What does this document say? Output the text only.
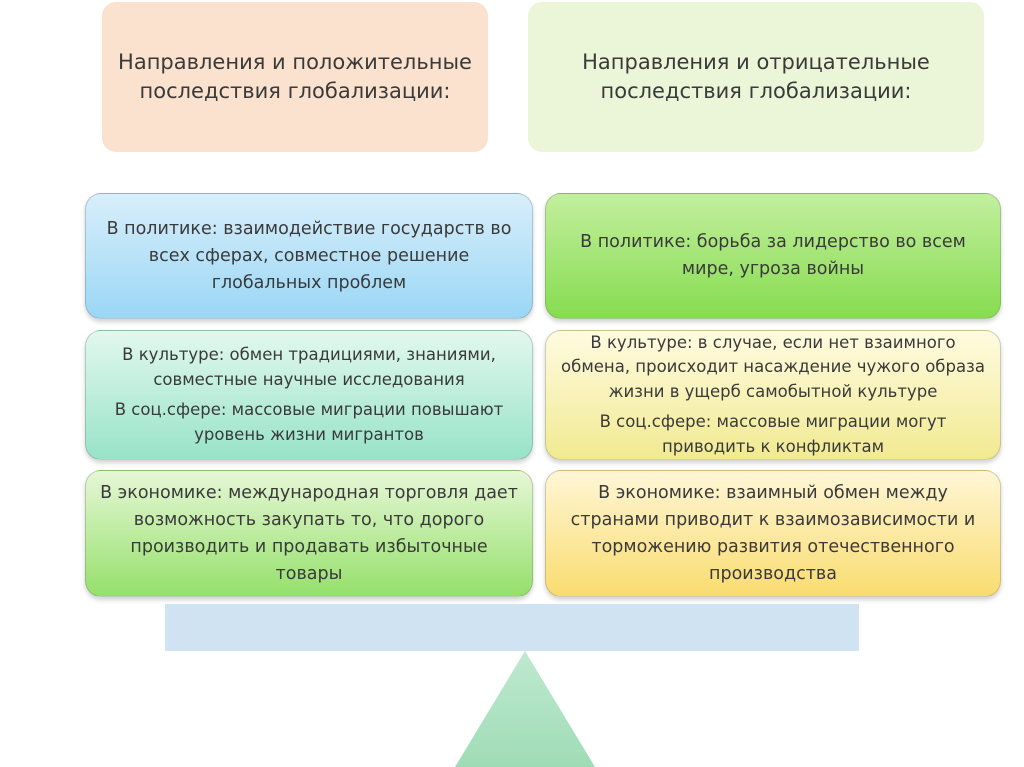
Направления и положительные последствия глобализации:
Направления и отрицательные последствия глобализации:

В политике: взаимодействие государств во всех сферах, совместное решение глобальных проблем

В политике: борьба за лидерство во всем мире, угроза войны

В культуре: обмен традициями, знаниями, совместные научные исследования

В соц.сфере: массовые миграции повышают уровень жизни мигрантов

В культуре: в случае, если нет взаимного обмена, происходит насаждение чужого образа жизни в ущерб самобытной культуре

В соц.сфере: массовые миграции могут приводить к конфликтам

В экономике: международная торговля дает возможность закупать то, что дорого производить и продавать избыточные товары

В экономике: взаимный обмен между странами приводит к взаимозависимости и торможению развития отечественного производства
